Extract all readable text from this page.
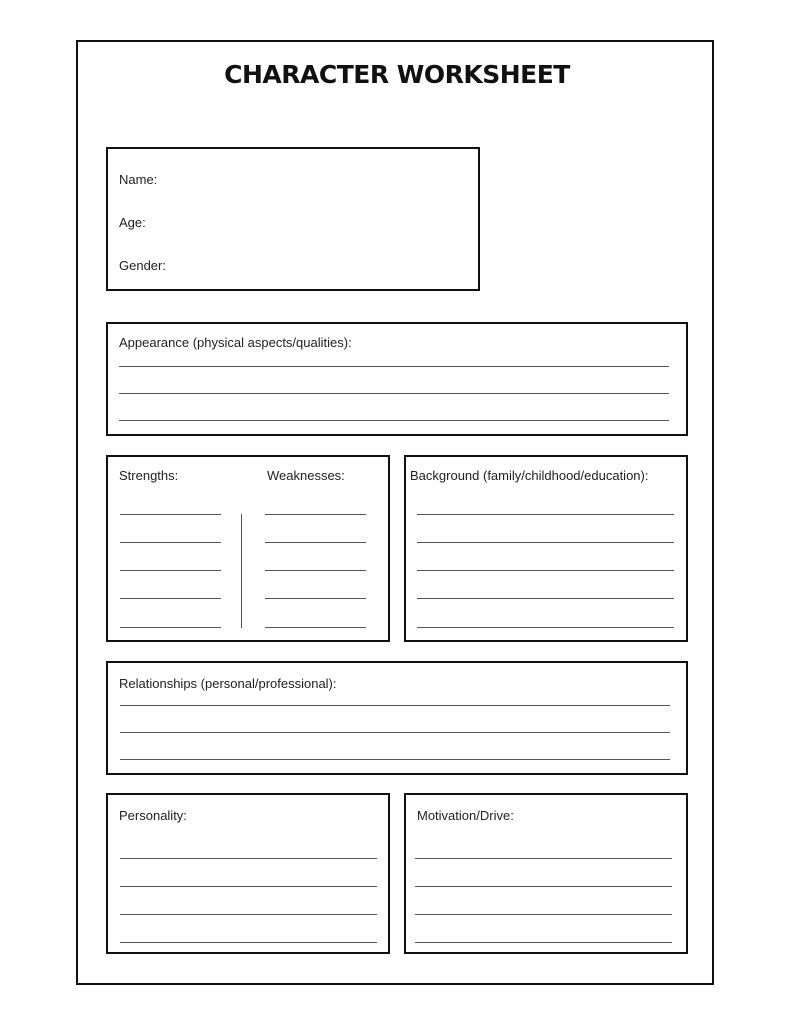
CHARACTER WORKSHEET
Name:
Age:
Gender:
Appearance (physical aspects/qualities):
Strengths:	Weaknesses:	Background (family/childhood/education):
Relationships (personal/professional):
Personality:	Motivation/Drive:
